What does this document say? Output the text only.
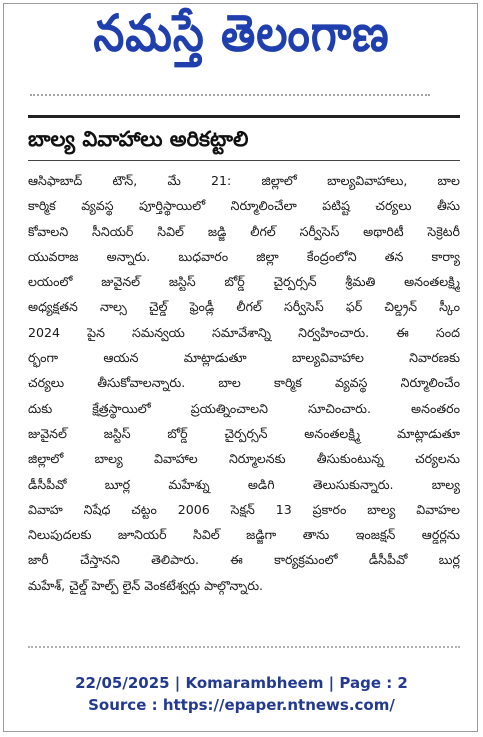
నమస్తే తెలంగాణ
బాల్య వివాహాలు అరికట్టాలి
ఆసిఫాబాద్ టౌన్, మే 21: జిల్లాలో బాల్యవివాహాలు, బాల
కార్మిక వ్యవస్థ పూర్తిస్థాయిలో నిర్మూలించేలా పటిష్ట చర్యలు తీసు
కోవాలని సీనియర్ సివిల్ జడ్జి లీగల్ సర్వీసెస్ అథారిటీ సెక్రెటరీ
యువరాజ అన్నారు. బుధవారం జిల్లా కేంద్రంలోని తన కార్యా
లయంలో జువైనల్ జస్టిస్ బోర్డ్ చైర్పర్సన్ శ్రీమతి అనంతలక్ష్మి
అధ్యక్షతన నాల్స చైల్డ్ ఫ్రెండ్లీ లీగల్ సర్వీసెస్ ఫర్ చిల్డ్రన్ స్కీం
2024 పైన సమన్వయ సమావేశాన్ని నిర్వహించారు. ఈ సంద
ర్భంగా ఆయన మాట్లాడుతూ బాల్యవివాహాల నివారణకు
చర్యలు తీసుకోవాలన్నారు. బాల కార్మిక వ్యవస్థ నిర్మూలించేం
దుకు క్షేత్రస్థాయిలో ప్రయత్నించాలని సూచించారు. అనంతరం
జువైనల్ జస్టిస్ బోర్డ్ చైర్పర్సన్ అనంతలక్ష్మి మాట్లాడుతూ
జిల్లాలో బాల్య వివాహాల నిర్మూలనకు తీసుకుంటున్న చర్యలను
డీసీపీవో బూర్ల మహేశ్ను అడిగి తెలుసుకున్నారు. బాల్య
వివాహ నిషేధ చట్టం 2006 సెక్షన్ 13 ప్రకారం బాల్య వివాహల
నిలుపుదలకు జూనియర్ సివిల్ జడ్జిగా తాను ఇంజక్షన్ ఆర్డర్లను
జారీ చేస్తానని తెలిపారు. ఈ కార్యక్రమంలో డీసీపీవో బుర్ల
మహేశ్, చైల్డ్ హెల్ప్ లైన్ వెంకటేశ్వర్లు పాల్గొన్నారు.
22/05/2025 | Komarambheem | Page : 2
Source : https://epaper.ntnews.com/
